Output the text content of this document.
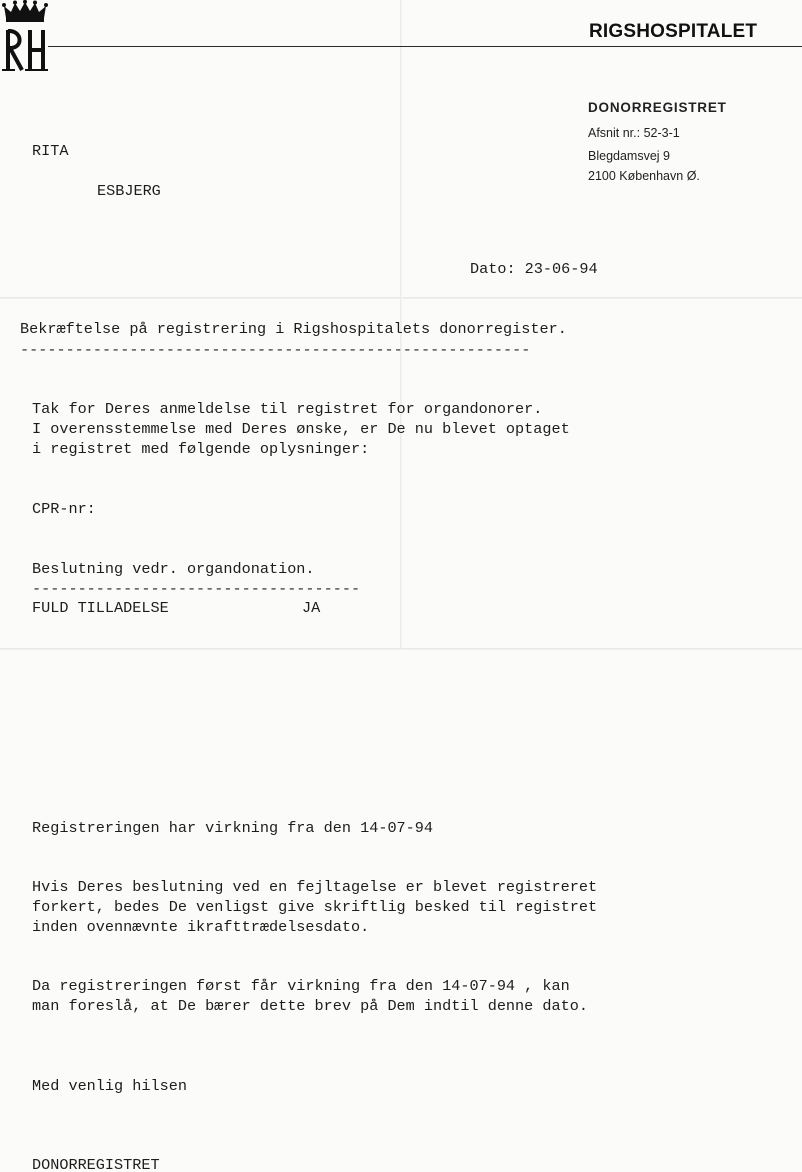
RIGSHOSPITALET
DONORREGISTRET
Afsnit nr.: 52-3-1
Blegdamsvej 9
2100 København Ø.
RITA
ESBJERG
Dato: 23-06-94
Bekræftelse på registrering i Rigshospitalets donorregister.
--------------------------------------------------------
Tak for Deres anmeldelse til registret for organdonorer.
I overensstemmelse med Deres ønske, er De nu blevet optaget
i registret med følgende oplysninger:
CPR-nr:
Beslutning vedr. organdonation.
------------------------------------
FULD TILLADELSE	JA
Registreringen har virkning fra den 14-07-94
Hvis Deres beslutning ved en fejltagelse er blevet registreret
forkert, bedes De venligst give skriftlig besked til registret
inden ovennævnte ikrafttrædelsesdato.
Da registreringen først får virkning fra den 14-07-94 , kan
man foreslå, at De bærer dette brev på Dem indtil denne dato.
Med venlig hilsen
DONORREGISTRET
